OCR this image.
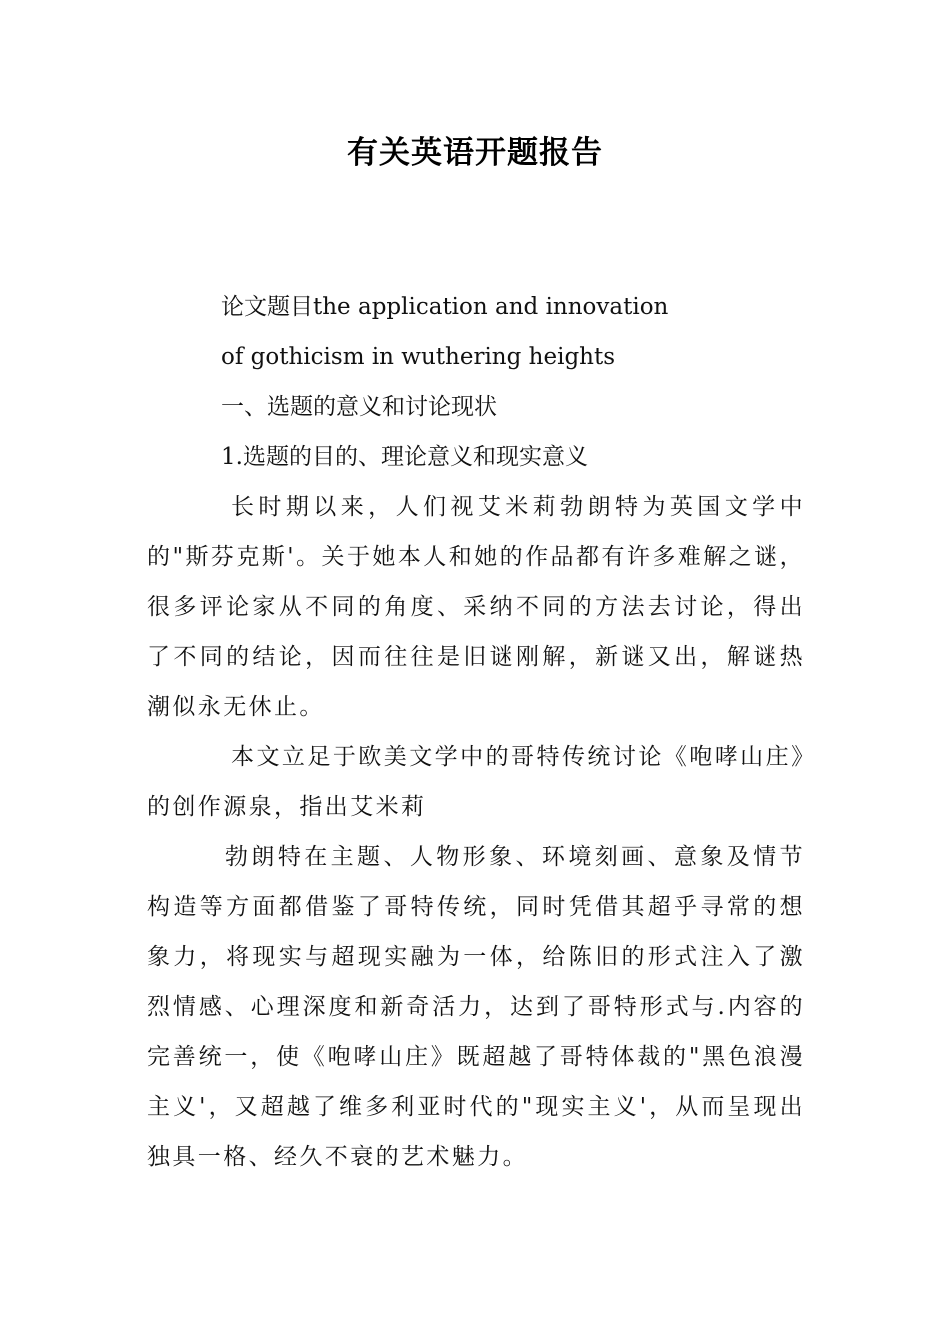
有关英语开题报告
论文题目the application and innovation
of gothicism in wuthering heights
一、选题的意义和讨论现状
1.选题的目的、理论意义和现实意义
长时期以来，人们视艾米莉勃朗特为英国文学中的"斯芬克斯'。关于她本人和她的作品都有许多难解之谜，很多评论家从不同的角度、采纳不同的方法去讨论，得出了不同的结论，因而往往是旧谜刚解，新谜又出，解谜热潮似永无休止。
本文立足于欧美文学中的哥特传统讨论《咆哮山庄》的创作源泉，指出艾米莉
勃朗特在主题、人物形象、环境刻画、意象及情节构造等方面都借鉴了哥特传统，同时凭借其超乎寻常的想象力，将现实与超现实融为一体，给陈旧的形式注入了激烈情感、心理深度和新奇活力，达到了哥特形式与.内容的完善统一，使《咆哮山庄》既超越了哥特体裁的"黑色浪漫主义'，又超越了维多利亚时代的"现实主义'，从而呈现出独具一格、经久不衰的艺术魅力。
